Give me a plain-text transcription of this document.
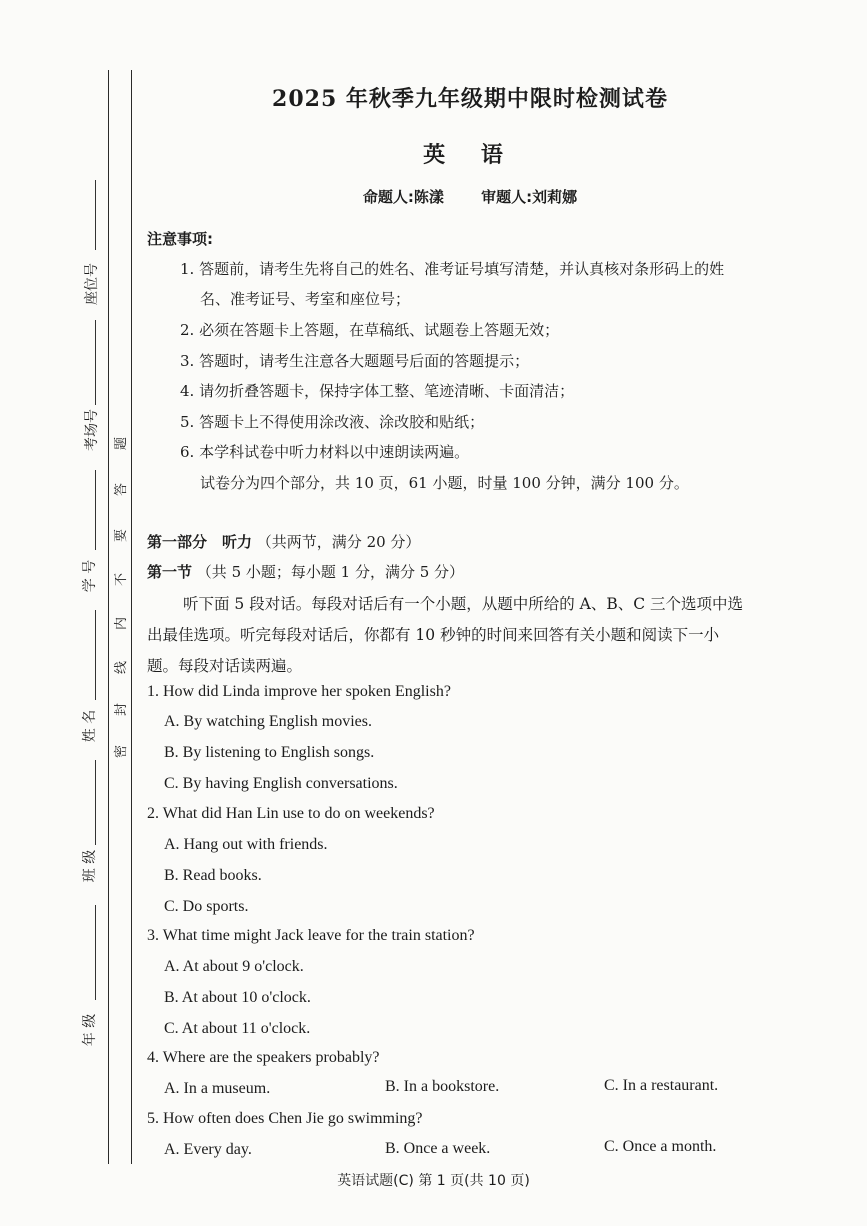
座位号
考场号
学 号
姓 名
班 级
年 级
题
答
要
不
内
线
封
密
2025 年秋季九年级期中限时检测试卷
英 语
命题人:陈漾 审题人:刘莉娜
注意事项:
1. 答题前，请考生先将自己的姓名、准考证号填写清楚，并认真核对条形码上的姓
名、准考证号、考室和座位号；
2. 必须在答题卡上答题，在草稿纸、试题卷上答题无效；
3. 答题时，请考生注意各大题题号后面的答题提示；
4. 请勿折叠答题卡，保持字体工整、笔迹清晰、卡面清洁；
5. 答题卡上不得使用涂改液、涂改胶和贴纸；
6. 本学科试卷中听力材料以中速朗读两遍。
试卷分为四个部分，共 10 页，61 小题，时量 100 分钟，满分 100 分。
第一部分　听力 （共两节，满分 20 分）
第一节 （共 5 小题；每小题 1 分，满分 5 分）
听下面 5 段对话。每段对话后有一个小题，从题中所给的 A、B、C 三个选项中选
出最佳选项。听完每段对话后，你都有 10 秒钟的时间来回答有关小题和阅读下一小
题。每段对话读两遍。
1. How did Linda improve her spoken English?
A. By watching English movies.
B. By listening to English songs.
C. By having English conversations.
2. What did Han Lin use to do on weekends?
A. Hang out with friends.
B. Read books.
C. Do sports.
3. What time might Jack leave for the train station?
A. At about 9 o'clock.
B. At about 10 o'clock.
C. At about 11 o'clock.
4. Where are the speakers probably?
A. In a museum.	B. In a bookstore.	C. In a restaurant.
5. How often does Chen Jie go swimming?
A. Every day.	B. Once a week.	C. Once a month.
英语试题(C) 第 1 页(共 10 页)
